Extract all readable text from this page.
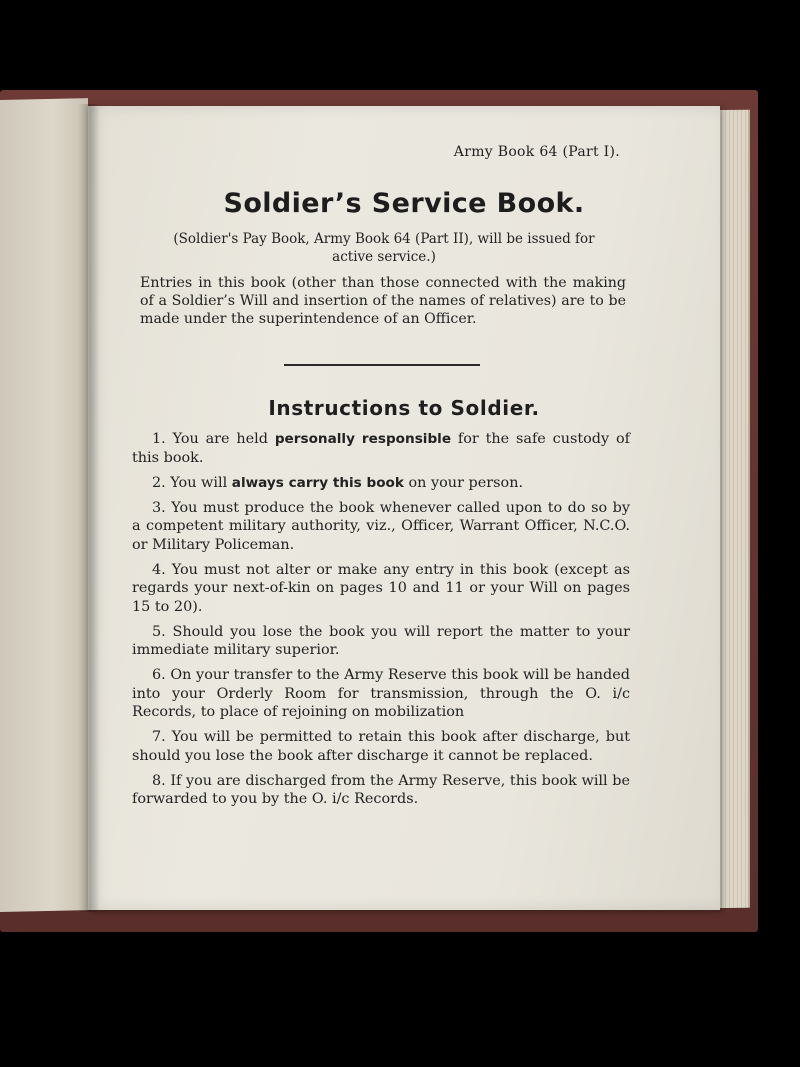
Army Book 64 (Part I).
Soldier’s Service Book.
(Soldier's Pay Book, Army Book 64 (Part II), will be issued for active service.)
Entries in this book (other than those connected with the making of a Soldier’s Will and insertion of the names of relatives) are to be made under the superintendence of an Officer.
Instructions to Soldier.

1. You are held personally responsible for the safe custody of this book.

2. You will always carry this book on your person.

3. You must produce the book whenever called upon to do so by a competent military authority, viz., Officer, Warrant Officer, N.C.O. or Military Policeman.

4. You must not alter or make any entry in this book (except as regards your next-of-kin on pages 10 and 11 or your Will on pages 15 to 20).

5. Should you lose the book you will report the matter to your immediate military superior.

6. On your transfer to the Army Reserve this book will be handed into your Orderly Room for transmission, through the O. i/c Records, to place of rejoining on mobilization

7. You will be permitted to retain this book after discharge, but should you lose the book after discharge it cannot be replaced.

8. If you are discharged from the Army Reserve, this book will be forwarded to you by the O. i/c Records.
